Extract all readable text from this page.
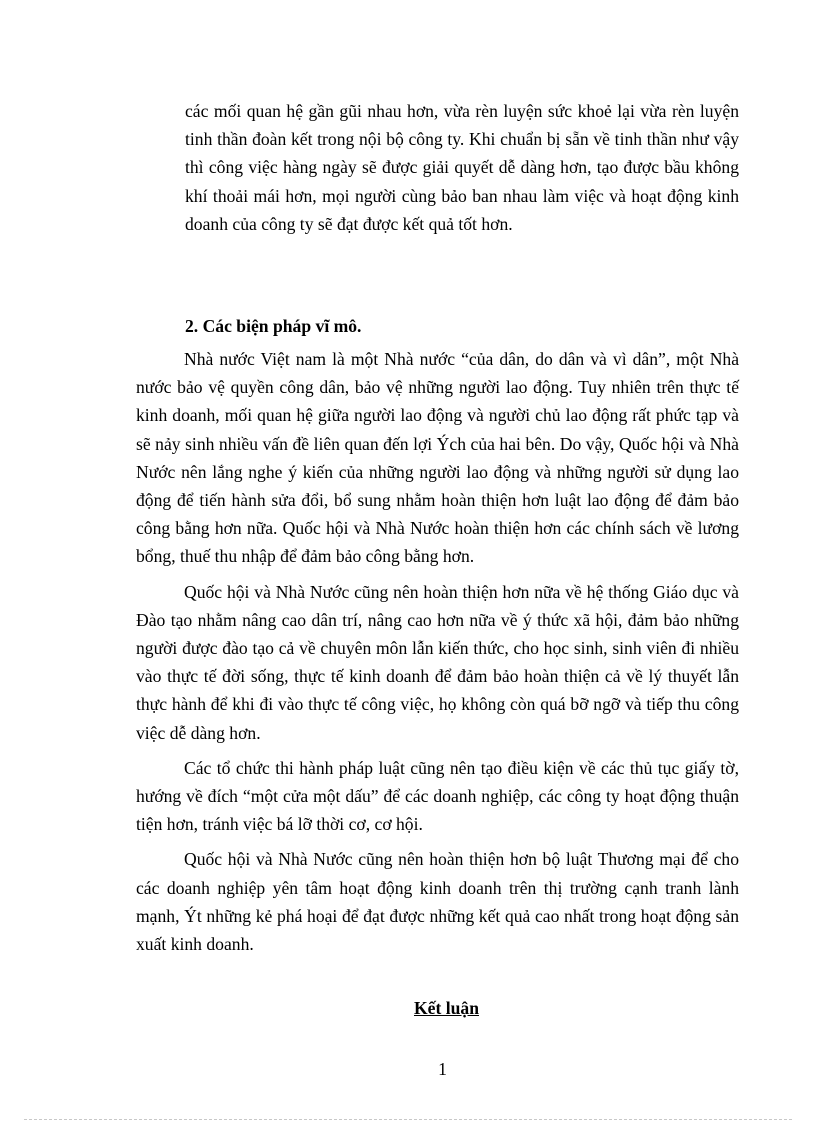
các mối quan hệ gần gũi nhau hơn, vừa rèn luyện sức khoẻ lại vừa rèn luyện tinh thần đoàn kết trong nội bộ công ty. Khi chuẩn bị sẵn về tinh thần như vậy thì công việc hàng ngày sẽ được giải quyết dễ dàng hơn, tạo được bầu không khí thoải mái hơn, mọi người cùng bảo ban nhau làm việc và hoạt động kinh doanh của công ty sẽ đạt được kết quả tốt hơn.

2. Các biện pháp vĩ mô.

Nhà nước Việt nam là một Nhà nước “của dân, do dân và vì dân”, một Nhà nước bảo vệ quyền công dân, bảo vệ những người lao động. Tuy nhiên trên thực tế kinh doanh, mối quan hệ giữa người lao động và người chủ lao động rất phức tạp và sẽ nảy sinh nhiều vấn đề liên quan đến lợi Ých của hai bên. Do vậy, Quốc hội và Nhà Nước nên lắng nghe ý kiến của những người lao động và những người sử dụng lao động để tiến hành sửa đổi, bổ sung nhằm hoàn thiện hơn luật lao động để đảm bảo công bằng hơn nữa. Quốc hội và Nhà Nước hoàn thiện hơn các chính sách về lương bổng, thuế thu nhập để đảm bảo công bằng hơn.

Quốc hội và Nhà Nước cũng nên hoàn thiện hơn nữa về hệ thống Giáo dục và Đào tạo nhằm nâng cao dân trí, nâng cao hơn nữa về ý thức xã hội, đảm bảo những người được đào tạo cả về chuyên môn lẫn kiến thức, cho học sinh, sinh viên đi nhiều vào thực tế đời sống, thực tế kinh doanh để đảm bảo hoàn thiện cả về lý thuyết lẫn thực hành để khi đi vào thực tế công việc, họ không còn quá bỡ ngỡ và tiếp thu công việc dễ dàng hơn.

Các tổ chức thi hành pháp luật cũng nên tạo điều kiện về các thủ tục giấy tờ, hướng về đích “một cửa một dấu” để các doanh nghiệp, các công ty hoạt động thuận tiện hơn, tránh việc bá lỡ thời cơ, cơ hội.

Quốc hội và Nhà Nước cũng nên hoàn thiện hơn bộ luật Thương mại để cho các doanh nghiệp yên tâm hoạt động kinh doanh trên thị trường cạnh tranh lành mạnh, Ýt những kẻ phá hoại để đạt được những kết quả cao nhất trong hoạt động sản xuất kinh doanh.

Kết luận
1
